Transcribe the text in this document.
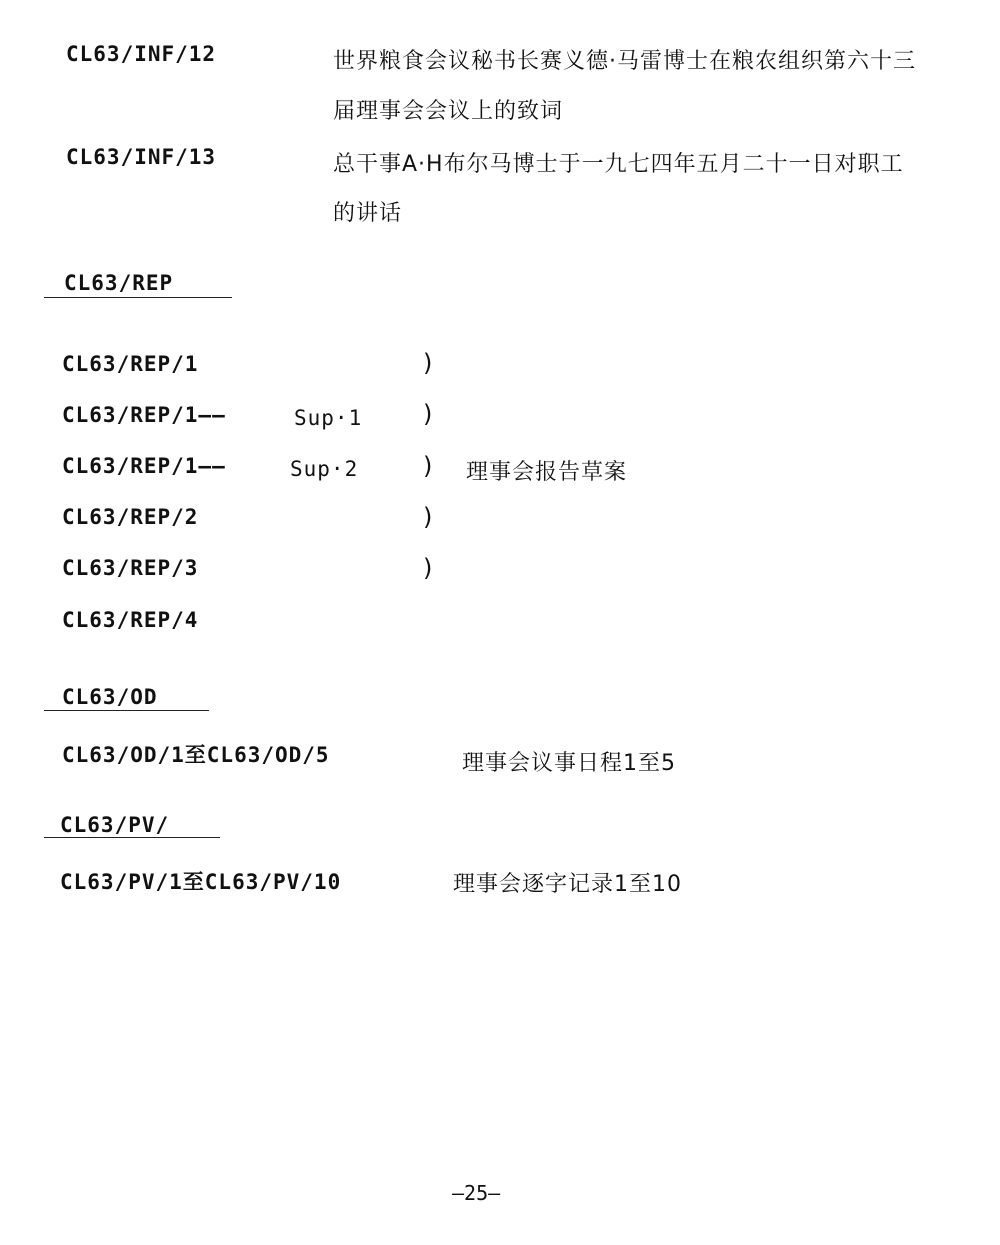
CL63/INF/12	世界粮食会议秘书长赛义德·马雷博士在粮农组织第六十三
届理事会会议上的致词
CL63/INF/13	总干事A·H布尔马博士于一九七四年五月二十一日对职工
的讲话
CL63/REP
CL63/REP/1	)
CL63/REP/1——	Sup·1	)
CL63/REP/1——	Sup·2	) 理事会报告草案
CL63/REP/2	)
CL63/REP/3	)
CL63/REP/4
CL63/OD
CL63/OD/1至CL63/OD/5	理事会议事日程1至5
CL63/PV/
CL63/PV/1至CL63/PV/10	理事会逐字记录1至10
—25—
